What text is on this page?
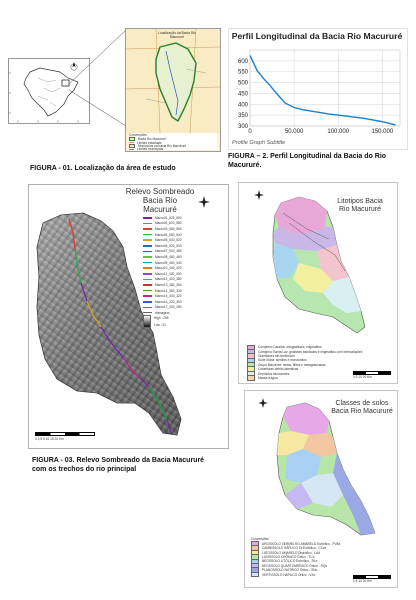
Localização da Bacia Rio Macururé
Convenções
Bacia Rio Macururé
Limites estaduais
Municípios na bacia Rio Macururé
Limites municipais
FIGURA - 01. Localização da área de estudo
Perfil Longitudinal da Bacia Rio Macururé
300
350
400
450
500
550
600
0	50.000	100.000	150.000
Profile Graph Subtitle
FIGURA – 2. Perfil Longitudinal da Bacia do Rio Macururé.
Relevo Sombreado
Bacia Rio Macururé
Macru01_625_600
Macru02_600_580
Macru03_580_560
Macru04_560_540
Macru05_540_520
Macru06_520_500
Macru07_500_480
Macru08_480_460
Macru09_460_440
Macru10_440_420
Macru11_420_400
Macru12_400_380
Macru13_380_360
Macru14_360_340
Macru15_340_320
Macru16_320_300
Macru17_300_280
drenagem
High : 255
Low : 61
0 2,5 5 10 15 20 Km
FIGURA - 03. Relevo Sombreado da Bacia Macururé
com os trechos do rio principal
Litotipos Bacia
Rio Macururé
Complexo Caraíba: ortognaisses, migmatitos
Complexo Santa Luz: gnaisses bandados e migmatitos com intercalações
Granitóides sin-tectônicos
Suíte Itiúba: sienitos e monzonitos
Grupo Macururé: xistos, filitos e metagrauvacas
Coberturas detrito-lateríticas
Depósitos aluvionares
Massa d'água	0 5 10 20 Km
Classes de solos
Bacia Rio Macururé
Convenções
ARGISSOLO VERMELHO-AMARELO Eutrófico - PVAe
CAMBISSOLO HÁPLICO Ta Eutrófico - CXve
LATOSSOLO AMARELO Distrófico - LAd
LUVISSOLO CRÔMICO Órtico - TCo
NEOSSOLO LITÓLICO Eutrófico - RLe
NEOSSOLO QUARTZARÊNICO Órtico - RQo
PLANOSSOLO NÁTRICO Órtico - SNo
VERTISSOLO HÁPLICO Órtico - VXo
0 5 10 20 Km
